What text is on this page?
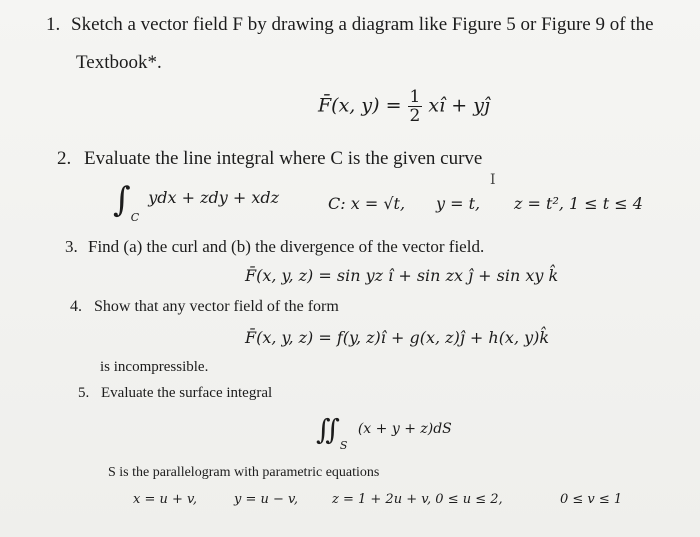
1. Sketch a vector field F by drawing a diagram like Figure 5 or Figure 9 of the
Textbook*.
F̄(x, $y) = \frac{1}{2}$ xî + yĵ
2. Evaluate the line integral where C is the given curve
I
$\int_C$ ydx + zdy + xdz	C: x = √t, y = t, z = t², 1 ≤ t ≤ 4
3. Find (a) the curl and (b) the divergence of the vector field.
F̄(x, y, z) = sin yz î + sin zx ĵ + sin xy k̂
4. Show that any vector field of the form
F̄(x, y, z) = f(y, z)î + g(x, z)ĵ + h(x, y)k̂
is incompressible.
5. Evaluate the surface integral
$∬_S$ (x + y + z)dS
S is the parallelogram with parametric equations
x = u + v,	y = u − v,	z = 1 + 2u + v, 0 ≤ u ≤ 2,	0 ≤ v ≤ 1
